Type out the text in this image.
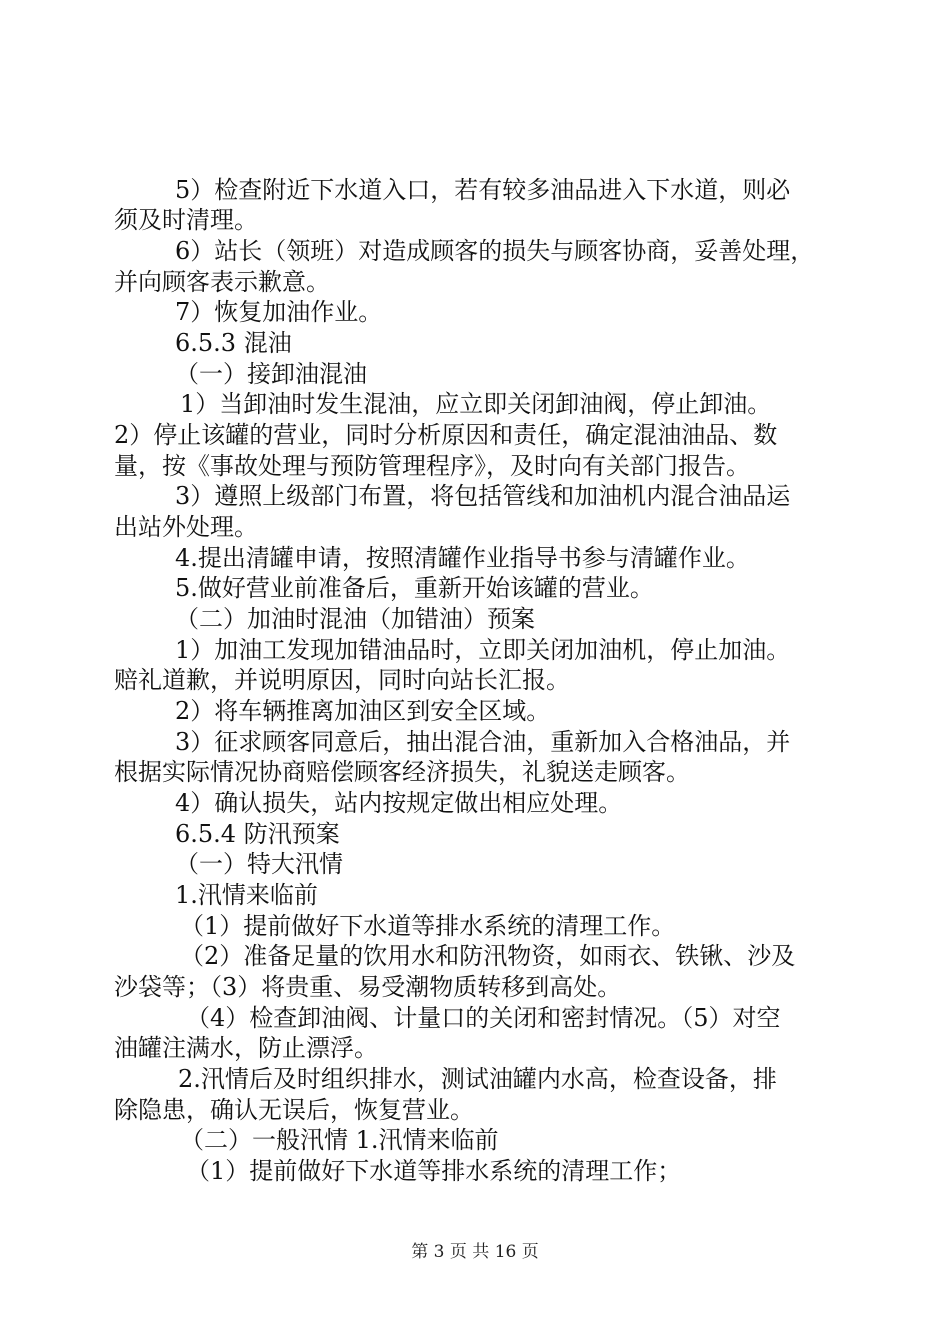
5）检查附近下水道入口，若有较多油品进入下水道，则必
须及时清理。
6）站长（领班）对造成顾客的损失与顾客协商，妥善处理，
并向顾客表示歉意。
7）恢复加油作业。
6.5.3 混油
（一）接卸油混油
1）当卸油时发生混油，应立即关闭卸油阀，停止卸油。
2）停止该罐的营业，同时分析原因和责任，确定混油油品、数
量，按《事故处理与预防管理程序》，及时向有关部门报告。
3）遵照上级部门布置，将包括管线和加油机内混合油品运
出站外处理。
4.提出清罐申请，按照清罐作业指导书参与清罐作业。
5.做好营业前准备后，重新开始该罐的营业。
（二）加油时混油（加错油）预案
1）加油工发现加错油品时，立即关闭加油机，停止加油。
赔礼道歉，并说明原因，同时向站长汇报。
2）将车辆推离加油区到安全区域。
3）征求顾客同意后，抽出混合油，重新加入合格油品，并
根据实际情况协商赔偿顾客经济损失，礼貌送走顾客。
4）确认损失，站内按规定做出相应处理。
6.5.4 防汛预案
（一）特大汛情
1.汛情来临前
（1）提前做好下水道等排水系统的清理工作。
（2）准备足量的饮用水和防汛物资，如雨衣、铁锹、沙及
沙袋等；（3）将贵重、易受潮物质转移到高处。
（4）检查卸油阀、计量口的关闭和密封情况。（5）对空
油罐注满水，防止漂浮。
2.汛情后及时组织排水，测试油罐内水高，检查设备，排
除隐患，确认无误后，恢复营业。
（二）一般汛情 1.汛情来临前
（1）提前做好下水道等排水系统的清理工作；
第 3 页 共 16 页
